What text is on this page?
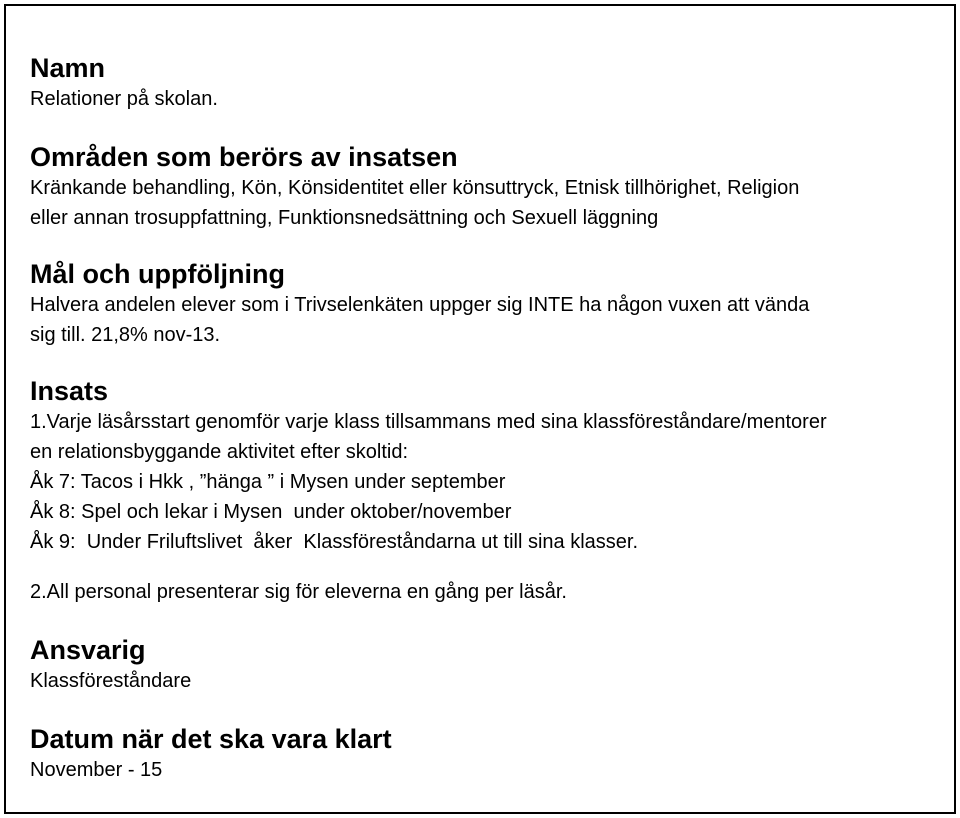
Namn

Relationer på skolan.

Områden som berörs av insatsen

Kränkande behandling, Kön, Könsidentitet eller könsuttryck, Etnisk tillhörighet, Religion
eller annan trosuppfattning, Funktionsnedsättning och Sexuell läggning

Mål och uppföljning

Halvera andelen elever som i Trivselenkäten uppger sig INTE ha någon vuxen att vända
sig till. 21,8% nov-13.

Insats

1.Varje läsårsstart genomför varje klass tillsammans med sina klassföreståndare/mentorer
en relationsbyggande aktivitet efter skoltid:
Åk 7: Tacos i Hkk , ”hänga ” i Mysen under september
Åk 8: Spel och lekar i Mysen  under oktober/november
Åk 9:  Under Friluftslivet  åker  Klassföreståndarna ut till sina klasser.

2.All personal presenterar sig för eleverna en gång per läsår.

Ansvarig

Klassföreståndare

Datum när det ska vara klart

November - 15
